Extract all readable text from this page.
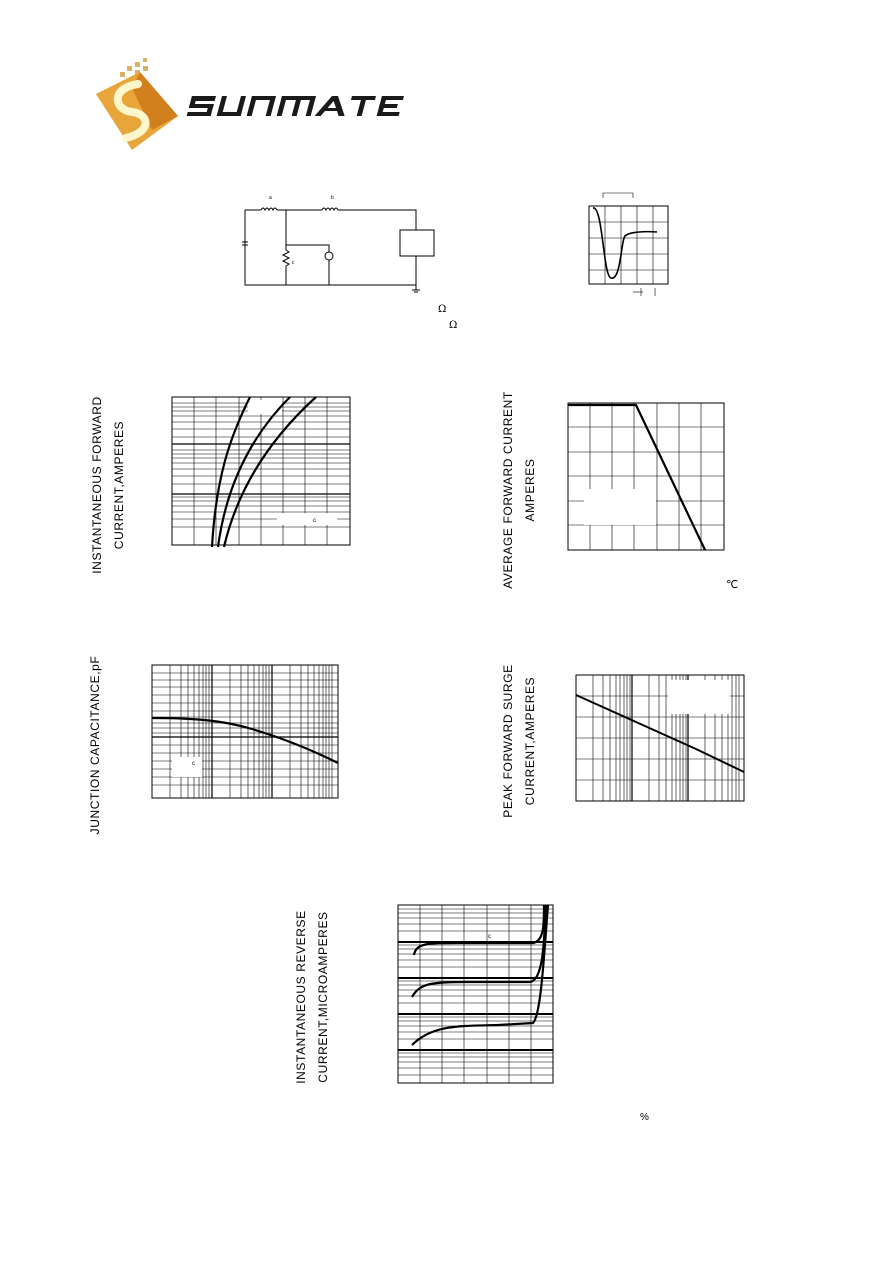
a	b
c
Ω
Ω
INSTANTANEOUS FORWARD CURRENT,AMPERES	c	AVERAGE FORWARD CURRENT AMPERES
℃
JUNCTION CAPACITANCE,pF	c	PEAK FORWARD SURGE CURRENT,AMPERES
INSTANTANEOUS REVERSE CURRENT,MICROAMPERES	c
%
